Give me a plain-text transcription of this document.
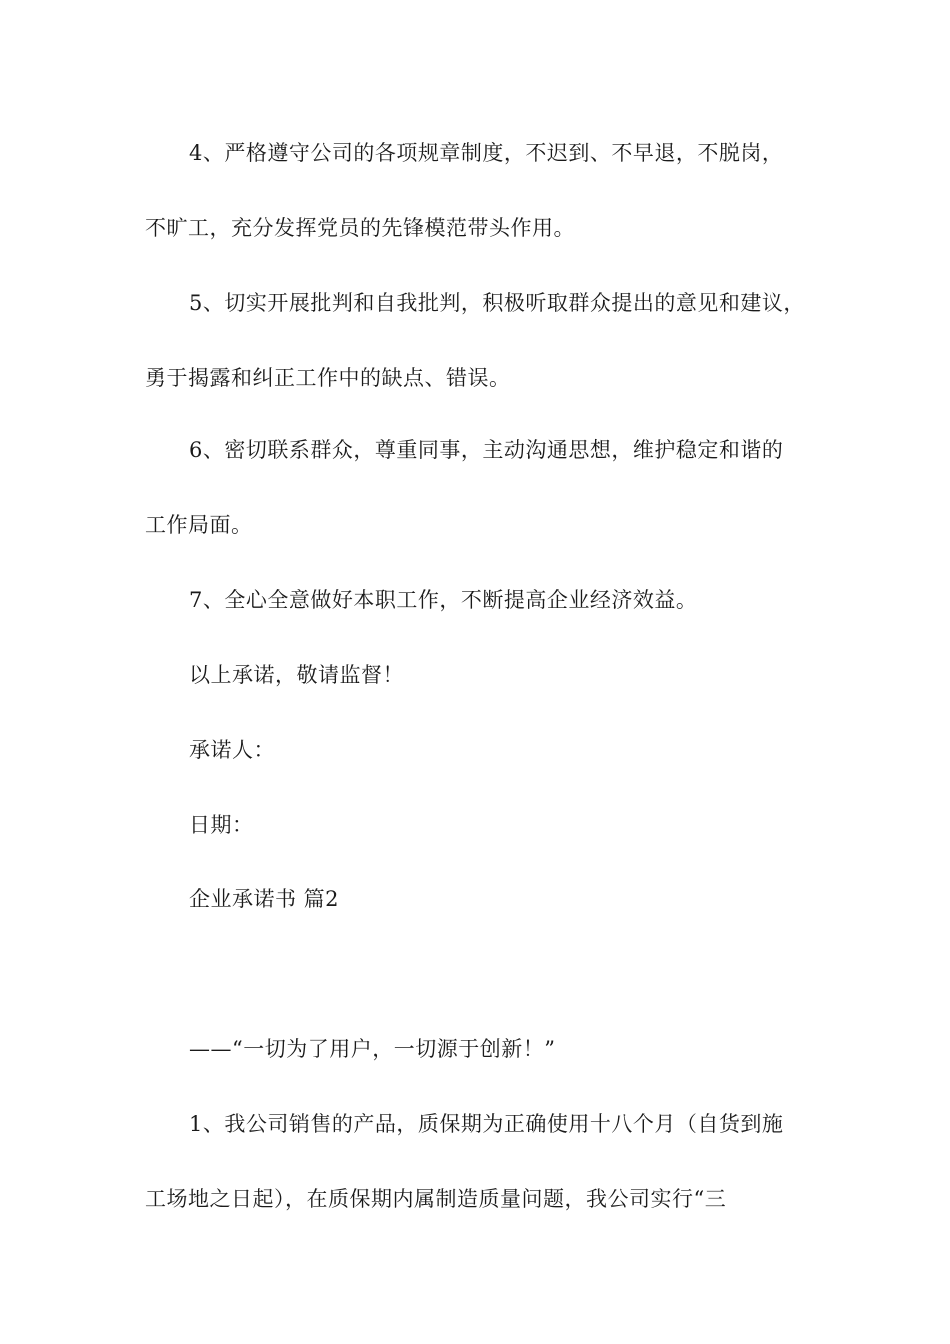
4、严格遵守公司的各项规章制度，不迟到、不早退，不脱岗，
不旷工，充分发挥党员的先锋模范带头作用。
5、切实开展批判和自我批判，积极听取群众提出的意见和建议，
勇于揭露和纠正工作中的缺点、错误。
6、密切联系群众，尊重同事，主动沟通思想，维护稳定和谐的
工作局面。
7、全心全意做好本职工作，不断提高企业经济效益。
以上承诺，敬请监督！
承诺人：
日期：
企业承诺书 篇2
——“一切为了用户，一切源于创新！”
1、我公司销售的产品，质保期为正确使用十八个月（自货到施
工场地之日起），在质保期内属制造质量问题，我公司实行“三
